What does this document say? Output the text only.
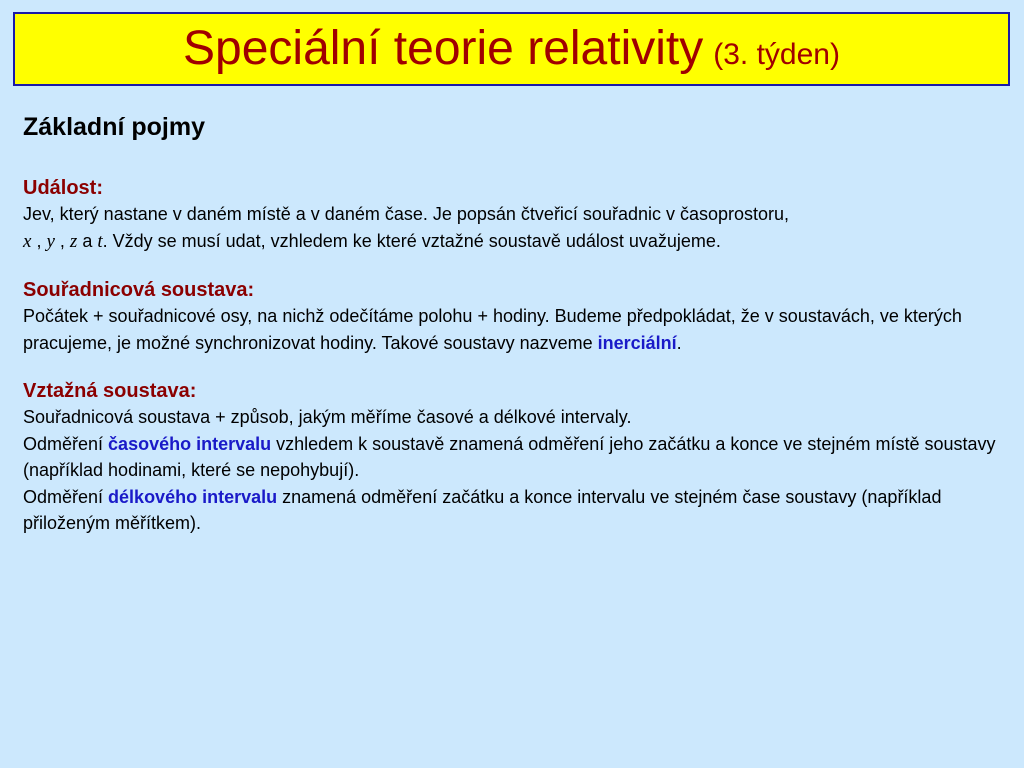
Speciální teorie relativity (3. týden)
Základní pojmy
Událost:
Jev, který nastane v daném místě a v daném čase. Je popsán čtveřicí souřadnic v časoprostoru,
x , y , z a t. Vždy se musí udat, vzhledem ke které vztažné soustavě událost uvažujeme.
Souřadnicová soustava:
Počátek + souřadnicové osy, na nichž odečítáme polohu + hodiny. Budeme předpokládat, že v soustavách, ve kterých pracujeme, je možné synchronizovat hodiny. Takové soustavy nazveme inerciální.
Vztažná soustava:
Souřadnicová soustava + způsob, jakým měříme časové a délkové intervaly.
Odměření časového intervalu vzhledem k soustavě znamená odměření jeho začátku a konce ve stejném místě soustavy (například hodinami, které se nepohybují).
Odměření délkového intervalu znamená odměření začátku a konce intervalu ve stejném čase soustavy (například přiloženým měřítkem).
